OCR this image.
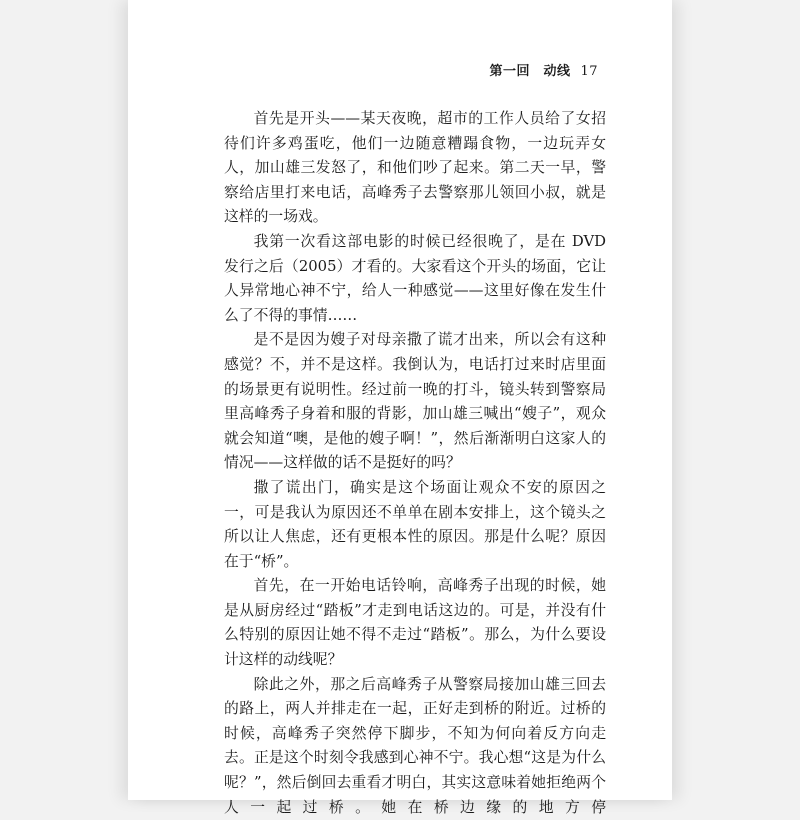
第一回　动线 17

首先是开头——某天夜晚，超市的工作人员给了女招待们许多鸡蛋吃，他们一边随意糟蹋食物，一边玩弄女人，加山雄三发怒了，和他们吵了起来。第二天一早，警察给店里打来电话，高峰秀子去警察那儿领回小叔，就是这样的一场戏。

我第一次看这部电影的时候已经很晚了，是在 DVD 发行之后（2005）才看的。大家看这个开头的场面，它让人异常地心神不宁，给人一种感觉——这里好像在发生什么了不得的事情……

是不是因为嫂子对母亲撒了谎才出来，所以会有这种感觉？不，并不是这样。我倒认为，电话打过来时店里面的场景更有说明性。经过前一晚的打斗，镜头转到警察局里高峰秀子身着和服的背影，加山雄三喊出“嫂子”，观众就会知道“噢，是他的嫂子啊！”，然后渐渐明白这家人的情况——这样做的话不是挺好的吗？

撒了谎出门，确实是这个场面让观众不安的原因之一，可是我认为原因还不单单在剧本安排上，这个镜头之所以让人焦虑，还有更根本性的原因。那是什么呢？原因在于“桥”。

首先，在一开始电话铃响，高峰秀子出现的时候，她是从厨房经过“踏板”才走到电话这边的。可是，并没有什么特别的原因让她不得不走过“踏板”。那么，为什么要设计这样的动线呢？

除此之外，那之后高峰秀子从警察局接加山雄三回去的路上，两人并排走在一起，正好走到桥的附近。过桥的时候，高峰秀子突然停下脚步，不知为何向着反方向走去。正是这个时刻令我感到心神不宁。我心想“这是为什么呢？”，然后倒回去重看才明白，其实这意味着她拒绝两个人一起过桥。她在桥边缘的地方停
